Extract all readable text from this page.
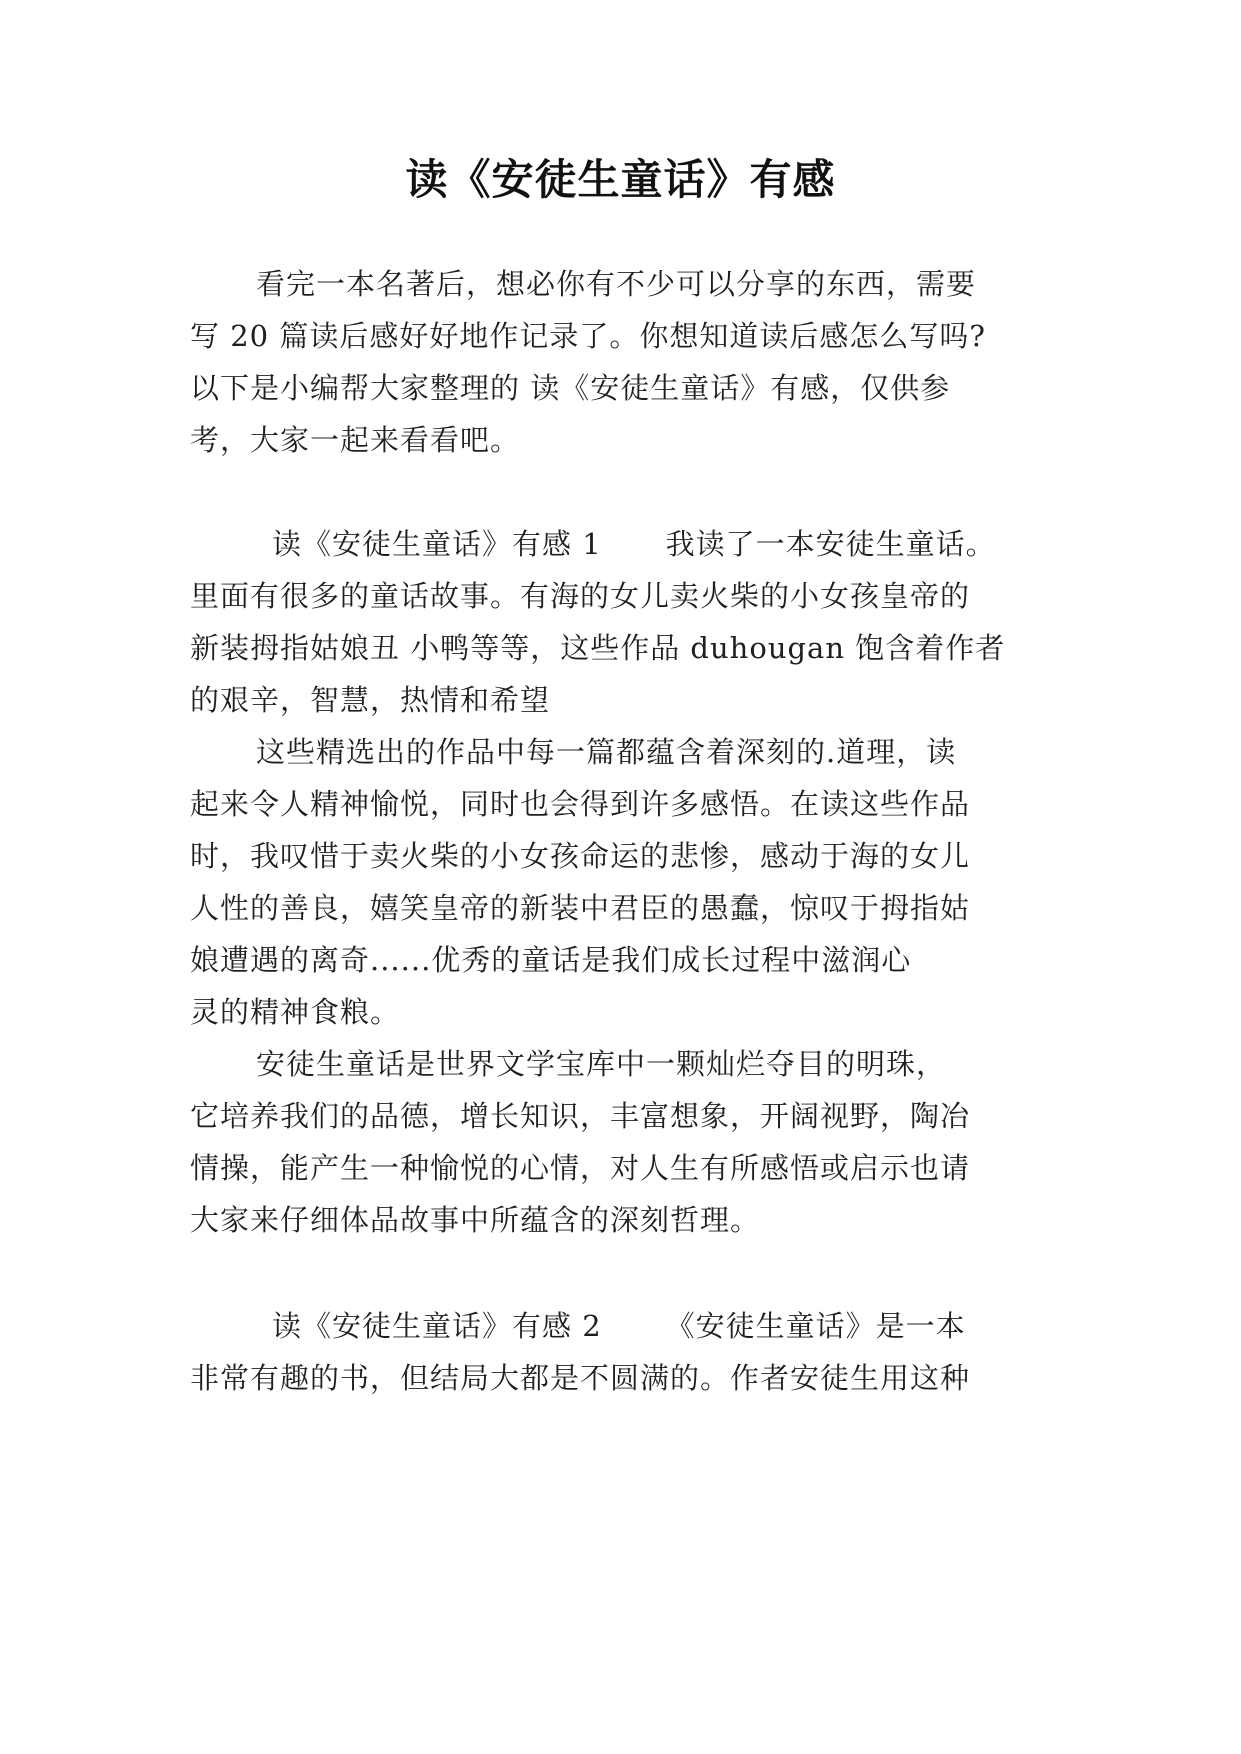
读《安徒生童话》有感
看完一本名著后，想必你有不少可以分享的东西，需要
写 20 篇读后感好好地作记录了。你想知道读后感怎么写吗?
以下是小编帮大家整理的 读《安徒生童话》有感，仅供参
考，大家一起来看看吧。
读《安徒生童话》有感 1 我读了一本安徒生童话。
里面有很多的童话故事。有海的女儿卖火柴的小女孩皇帝的
新装拇指姑娘丑 小鸭等等，这些作品 duhougan 饱含着作者
的艰辛，智慧，热情和希望
这些精选出的作品中每一篇都蕴含着深刻的.道理，读
起来令人精神愉悦，同时也会得到许多感悟。在读这些作品
时，我叹惜于卖火柴的小女孩命运的悲惨，感动于海的女儿
人性的善良，嬉笑皇帝的新装中君臣的愚蠢，惊叹于拇指姑
娘遭遇的离奇......优秀的童话是我们成长过程中滋润心
灵的精神食粮。
安徒生童话是世界文学宝库中一颗灿烂夺目的明珠，
它培养我们的品德，增长知识，丰富想象，开阔视野，陶冶
情操，能产生一种愉悦的心情，对人生有所感悟或启示也请
大家来仔细体品故事中所蕴含的深刻哲理。
读《安徒生童话》有感 2 《安徒生童话》是一本
非常有趣的书，但结局大都是不圆满的。作者安徒生用这种
